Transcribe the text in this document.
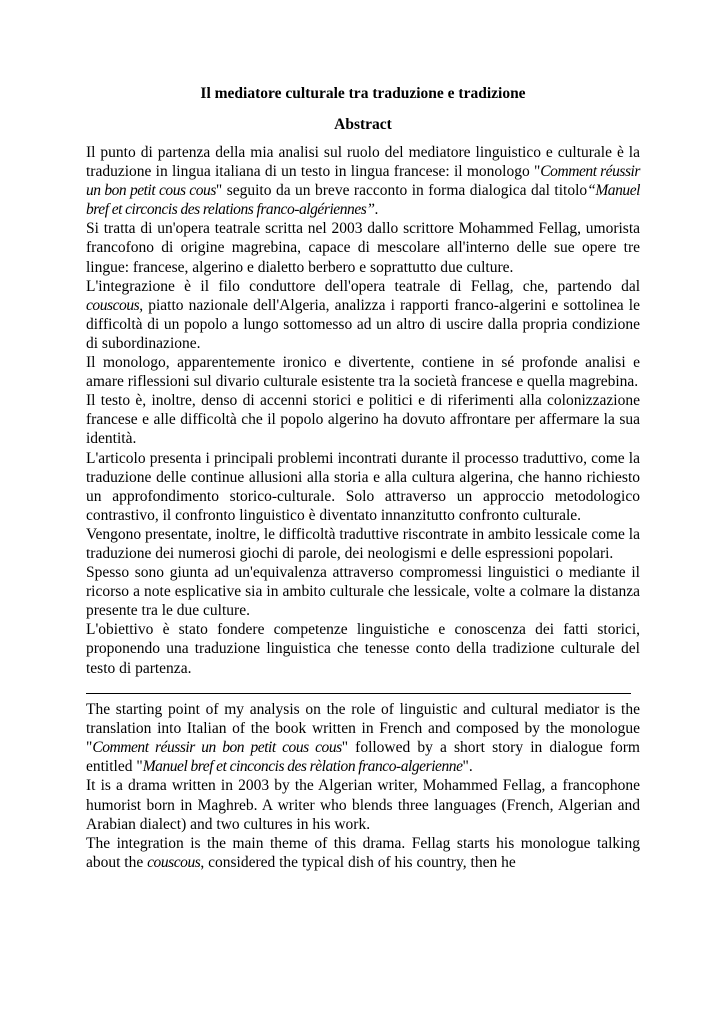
Il mediatore culturale tra traduzione e tradizione
Abstract

Il punto di partenza della mia analisi sul ruolo del mediatore linguistico e culturale è la traduzione in lingua italiana di un testo in lingua francese: il monologo "Comment réussir un bon petit cous cous" seguito da un breve racconto in forma dialogica dal titolo“Manuel bref et circoncis des relations franco-algériennes”.

Si tratta di un'opera teatrale scritta nel 2003 dallo scrittore Mohammed Fellag, umorista francofono di origine magrebina, capace di mescolare all'interno delle sue opere tre lingue: francese, algerino e dialetto berbero e soprattutto due culture.

L'integrazione è il filo conduttore dell'opera teatrale di Fellag, che, partendo dal couscous, piatto nazionale dell'Algeria, analizza i rapporti franco-algerini e sottolinea le difficoltà di un popolo a lungo sottomesso ad un altro di uscire dalla propria condizione di subordinazione.

Il monologo, apparentemente ironico e divertente, contiene in sé profonde analisi e amare riflessioni sul divario culturale esistente tra la società francese e quella magrebina.

Il testo è, inoltre, denso di accenni storici e politici e di riferimenti alla colonizzazione francese e alle difficoltà che il popolo algerino ha dovuto affrontare per affermare la sua identità.

L'articolo presenta i principali problemi incontrati durante il processo traduttivo, come la traduzione delle continue allusioni alla storia e alla cultura algerina, che hanno richiesto un approfondimento storico-culturale. Solo attraverso un approccio metodologico contrastivo, il confronto linguistico è diventato innanzitutto confronto culturale.

Vengono presentate, inoltre, le difficoltà traduttive riscontrate in ambito lessicale come la traduzione dei numerosi giochi di parole, dei neologismi e delle espressioni popolari.

Spesso sono giunta ad un'equivalenza attraverso compromessi linguistici o mediante il ricorso a note esplicative sia in ambito culturale che lessicale, volte a colmare la distanza presente tra le due culture.

L'obiettivo è stato fondere competenze linguistiche e conoscenza dei fatti storici, proponendo una traduzione linguistica che tenesse conto della tradizione culturale del testo di partenza.

The starting point of my analysis on the role of linguistic and cultural mediator is the translation into Italian of the book written in French and composed by the monologue "Comment réussir un bon petit cous cous" followed by a short story in dialogue form entitled "Manuel bref et cinconcis des rèlation franco-algerienne".

It is a drama written in 2003 by the Algerian writer, Mohammed Fellag, a francophone humorist born in Maghreb. A writer who blends three languages (French, Algerian and Arabian dialect) and two cultures in his work.

The integration is the main theme of this drama. Fellag starts his monologue talking about the couscous, considered the typical dish of his country, then he
